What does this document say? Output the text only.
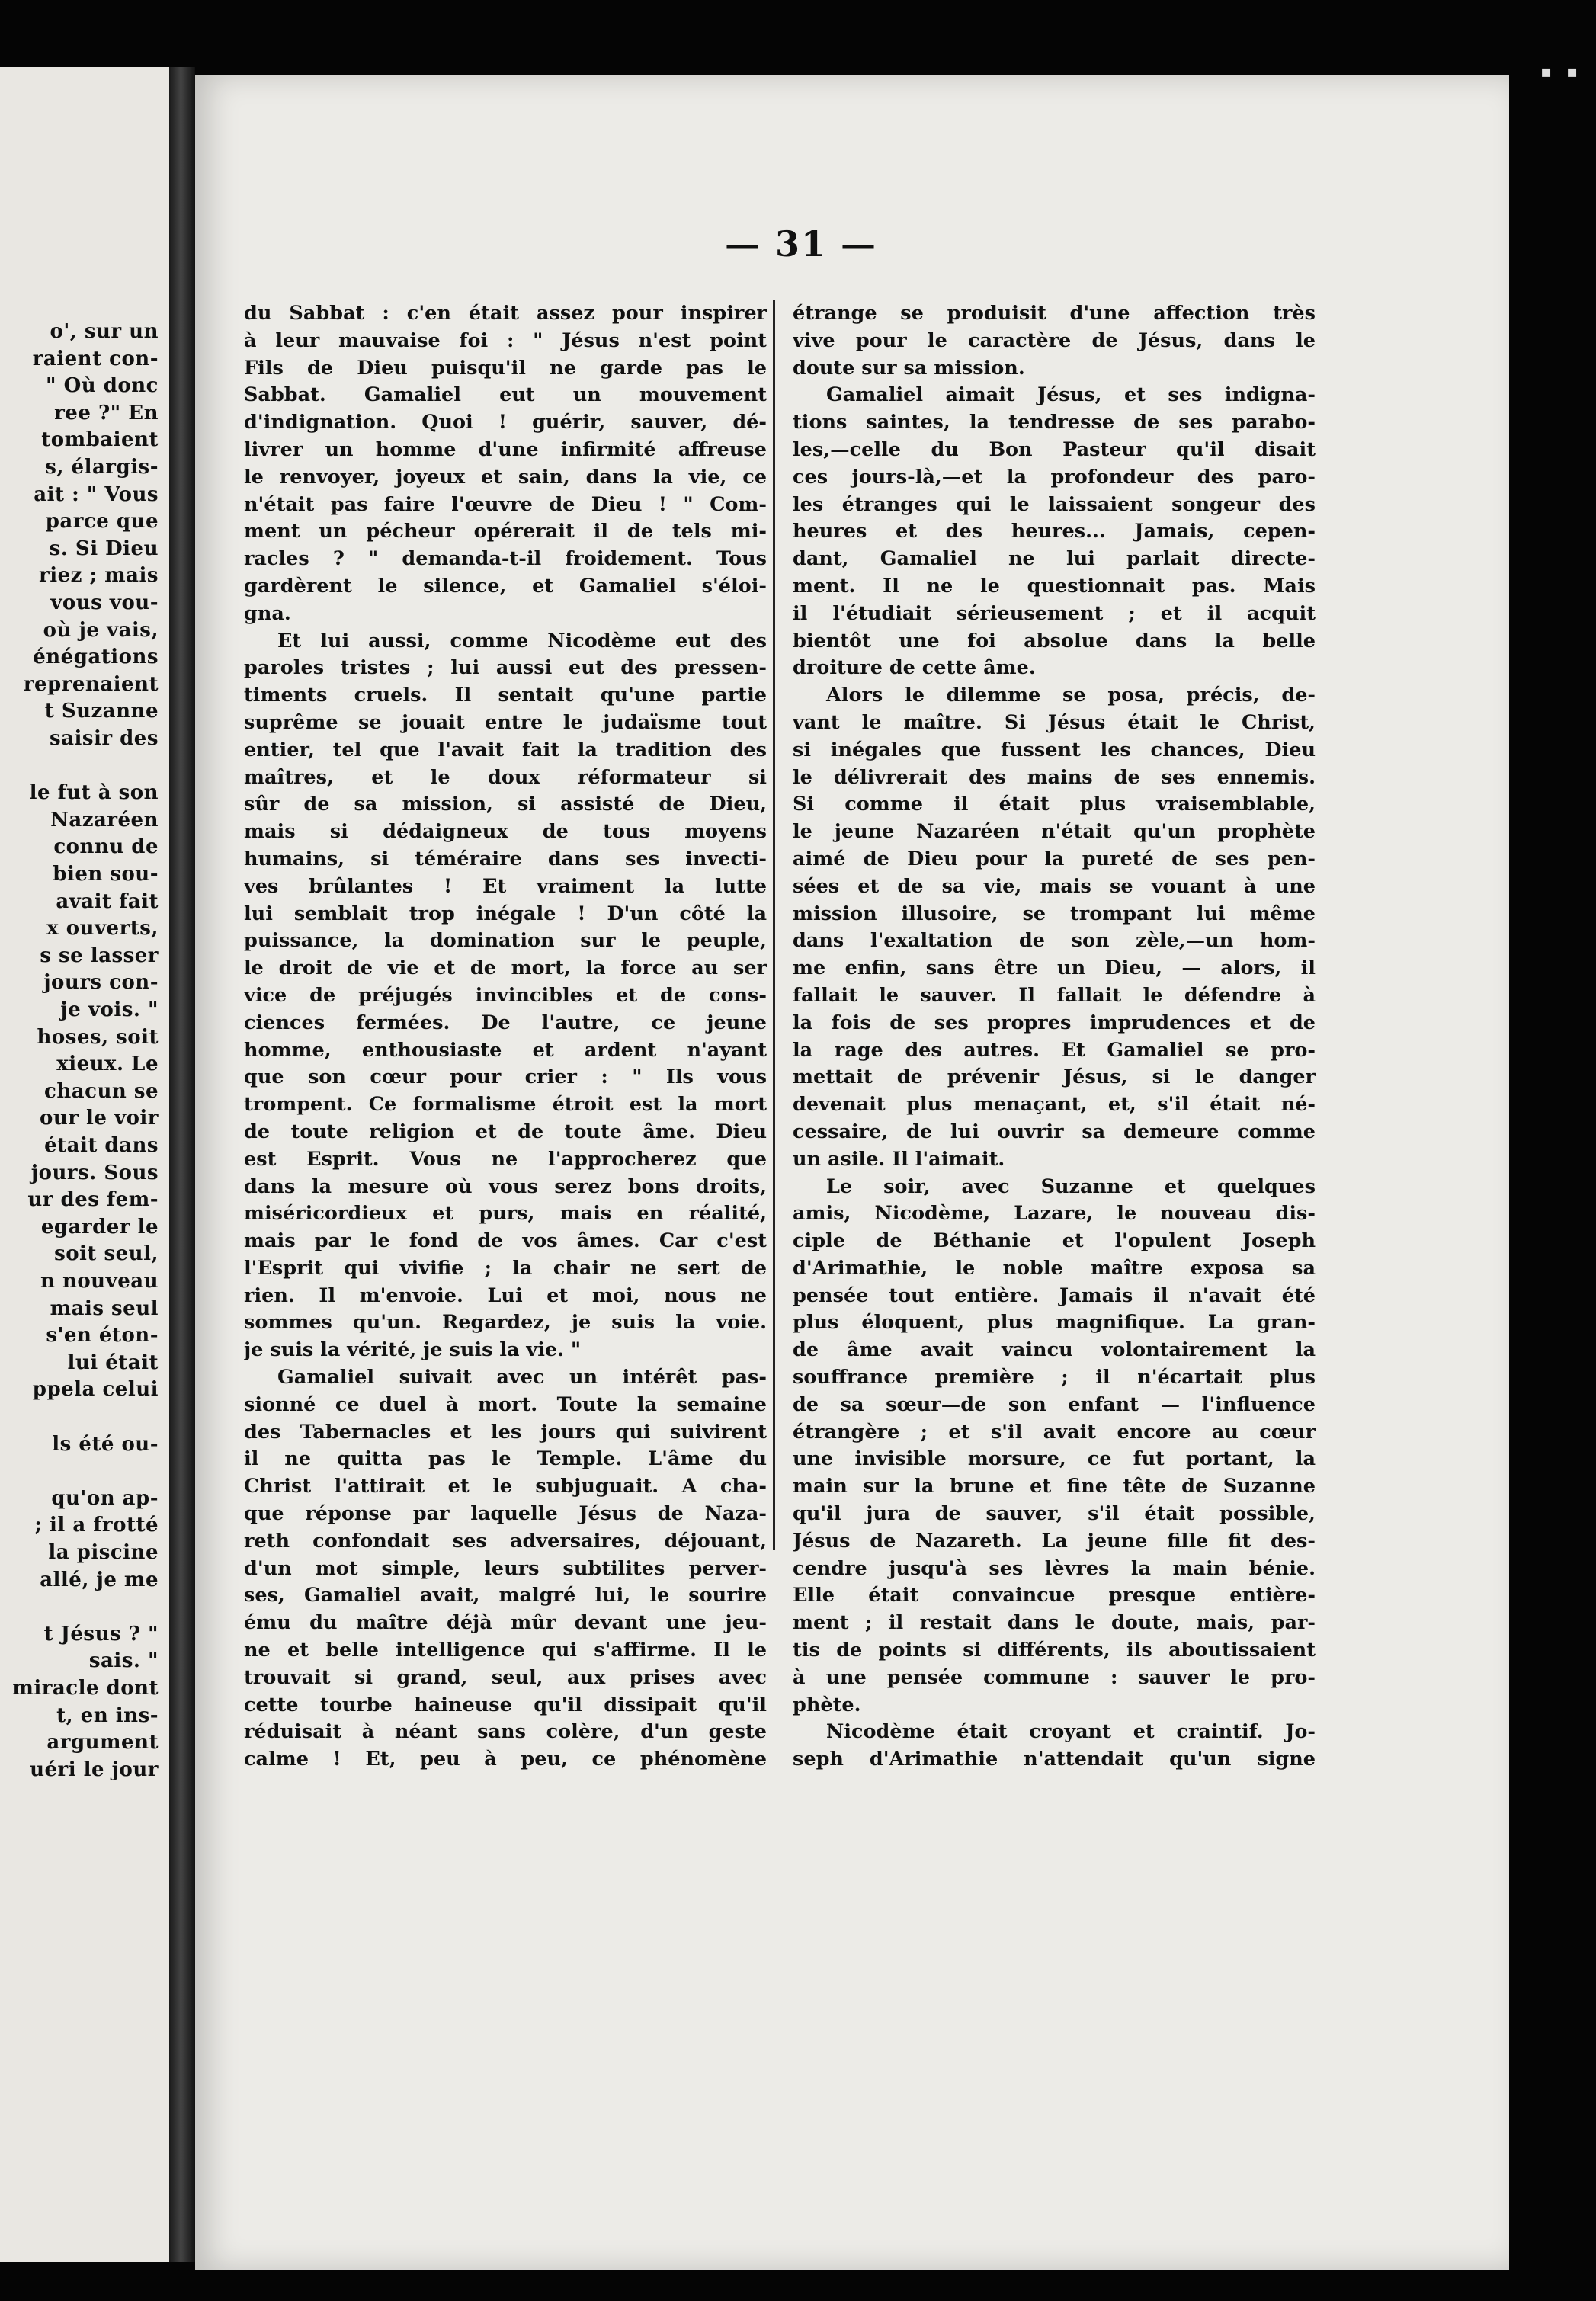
o', sur un
raient con-
" Où donc
ree ?" En
tombaient
s, élargis-
ait : " Vous
parce que
s. Si Dieu
riez ; mais
vous vou-
où je vais,
énégations
reprenaient
t Suzanne
saisir des
le fut à son
Nazaréen
connu de
bien sou-
avait fait
x ouverts,
s se lasser
jours con-
je vois. "
hoses, soit
xieux. Le
chacun se
our le voir
était dans
jours. Sous
ur des fem-
egarder le
soit seul,
n nouveau
mais seul
s'en éton-
lui était
ppela celui
ls été ou-
qu'on ap-
; il a frotté
la piscine
allé, je me
t Jésus ? "
sais. "
miracle dont
t, en ins-
argument
uéri le jour
▪ ▪
— 31 —
du Sabbat : c'en était assez pour inspirer
à leur mauvaise foi : " Jésus n'est point
Fils de Dieu puisqu'il ne garde pas le
Sabbat. Gamaliel eut un mouvement
d'indignation. Quoi ! guérir, sauver, dé-
livrer un homme d'une infirmité affreuse
le renvoyer, joyeux et sain, dans la vie, ce
n'était pas faire l'œuvre de Dieu ! " Com-
ment un pécheur opérerait il de tels mi-
racles ? " demanda-t-il froidement. Tous
gardèrent le silence, et Gamaliel s'éloi-
gna.
Et lui aussi, comme Nicodème eut des
paroles tristes ; lui aussi eut des pressen-
timents cruels. Il sentait qu'une partie
suprême se jouait entre le judaïsme tout
entier, tel que l'avait fait la tradition des
maîtres, et le doux réformateur si
sûr de sa mission, si assisté de Dieu,
mais si dédaigneux de tous moyens
humains, si téméraire dans ses invecti-
ves brûlantes ! Et vraiment la lutte
lui semblait trop inégale ! D'un côté la
puissance, la domination sur le peuple,
le droit de vie et de mort, la force au ser
vice de préjugés invincibles et de cons-
ciences fermées. De l'autre, ce jeune
homme, enthousiaste et ardent n'ayant
que son cœur pour crier : " Ils vous
trompent. Ce formalisme étroit est la mort
de toute religion et de toute âme. Dieu
est Esprit. Vous ne l'approcherez que
dans la mesure où vous serez bons droits,
miséricordieux et purs, mais en réalité,
mais par le fond de vos âmes. Car c'est
l'Esprit qui vivifie ; la chair ne sert de
rien. Il m'envoie. Lui et moi, nous ne
sommes qu'un. Regardez, je suis la voie.
je suis la vérité, je suis la vie. "
Gamaliel suivait avec un intérêt pas-
sionné ce duel à mort. Toute la semaine
des Tabernacles et les jours qui suivirent
il ne quitta pas le Temple. L'âme du
Christ l'attirait et le subjuguait. A cha-
que réponse par laquelle Jésus de Naza-
reth confondait ses adversaires, déjouant,
d'un mot simple, leurs subtilites perver-
ses, Gamaliel avait, malgré lui, le sourire
ému du maître déjà mûr devant une jeu-
ne et belle intelligence qui s'affirme. Il le
trouvait si grand, seul, aux prises avec
cette tourbe haineuse qu'il dissipait qu'il
réduisait à néant sans colère, d'un geste
calme ! Et, peu à peu, ce phénomène
étrange se produisit d'une affection très
vive pour le caractère de Jésus, dans le
doute sur sa mission.
Gamaliel aimait Jésus, et ses indigna-
tions saintes, la tendresse de ses parabo-
les,—celle du Bon Pasteur qu'il disait
ces jours-là,—et la profondeur des paro-
les étranges qui le laissaient songeur des
heures et des heures... Jamais, cepen-
dant, Gamaliel ne lui parlait directe-
ment. Il ne le questionnait pas. Mais
il l'étudiait sérieusement ; et il acquit
bientôt une foi absolue dans la belle
droiture de cette âme.
Alors le dilemme se posa, précis, de-
vant le maître. Si Jésus était le Christ,
si inégales que fussent les chances, Dieu
le délivrerait des mains de ses ennemis.
Si comme il était plus vraisemblable,
le jeune Nazaréen n'était qu'un prophète
aimé de Dieu pour la pureté de ses pen-
sées et de sa vie, mais se vouant à une
mission illusoire, se trompant lui même
dans l'exaltation de son zèle,—un hom-
me enfin, sans être un Dieu, — alors, il
fallait le sauver. Il fallait le défendre à
la fois de ses propres imprudences et de
la rage des autres. Et Gamaliel se pro-
mettait de prévenir Jésus, si le danger
devenait plus menaçant, et, s'il était né-
cessaire, de lui ouvrir sa demeure comme
un asile. Il l'aimait.
Le soir, avec Suzanne et quelques
amis, Nicodème, Lazare, le nouveau dis-
ciple de Béthanie et l'opulent Joseph
d'Arimathie, le noble maître exposa sa
pensée tout entière. Jamais il n'avait été
plus éloquent, plus magnifique. La gran-
de âme avait vaincu volontairement la
souffrance première ; il n'écartait plus
de sa sœur—de son enfant — l'influence
étrangère ; et s'il avait encore au cœur
une invisible morsure, ce fut portant, la
main sur la brune et fine tête de Suzanne
qu'il jura de sauver, s'il était possible,
Jésus de Nazareth. La jeune fille fit des-
cendre jusqu'à ses lèvres la main bénie.
Elle était convaincue presque entière-
ment ; il restait dans le doute, mais, par-
tis de points si différents, ils aboutissaient
à une pensée commune : sauver le pro-
phète.
Nicodème était croyant et craintif. Jo-
seph d'Arimathie n'attendait qu'un signe
